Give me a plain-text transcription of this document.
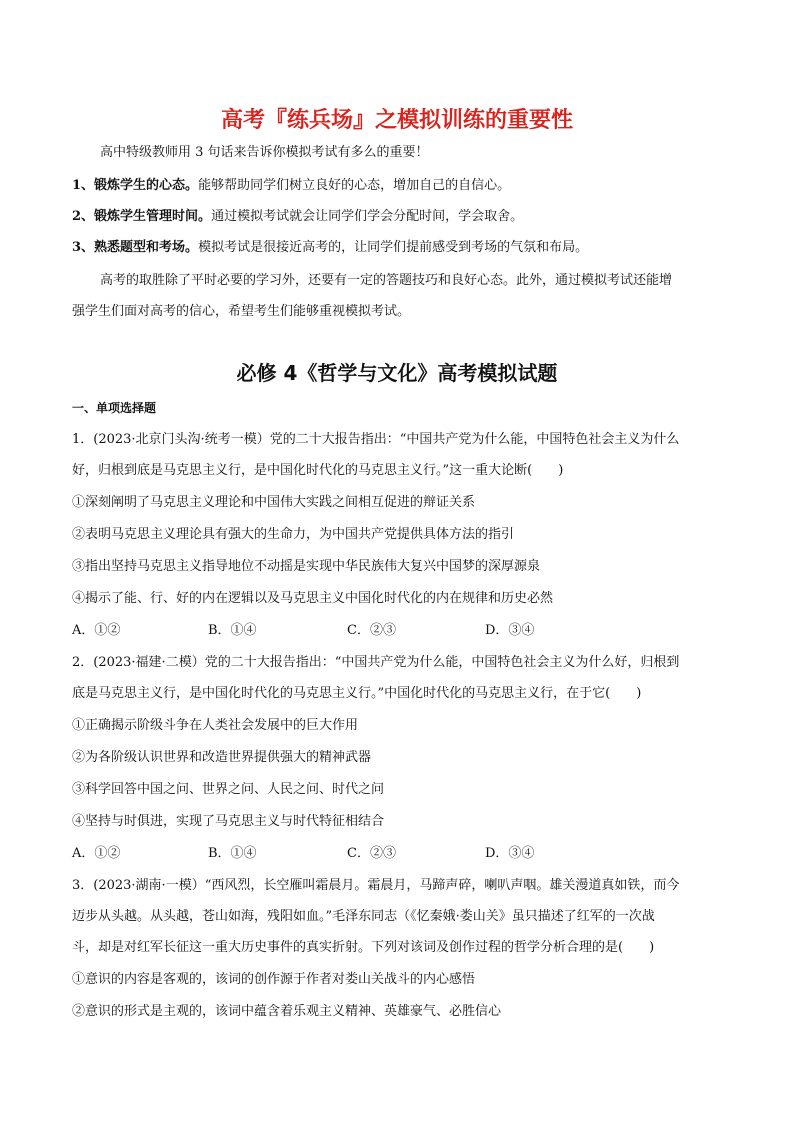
高考『练兵场』之模拟训练的重要性
高中特级教师用 3 句话来告诉你模拟考试有多么的重要！
1、锻炼学生的心态。能够帮助同学们树立良好的心态，增加自己的自信心。
2、锻炼学生管理时间。通过模拟考试就会让同学们学会分配时间，学会取舍。
3、熟悉题型和考场。模拟考试是很接近高考的，让同学们提前感受到考场的气氛和布局。
高考的取胜除了平时必要的学习外，还要有一定的答题技巧和良好心态。此外，通过模拟考试还能增
强学生们面对高考的信心，希望考生们能够重视模拟考试。
必修 4《哲学与文化》高考模拟试题
一、单项选择题
1．(2023·北京门头沟·统考一模）党的二十大报告指出：“中国共产党为什么能，中国特色社会主义为什么
好，归根到底是马克思主义行，是中国化时代化的马克思主义行。”这一重大论断(　　)
①深刻阐明了马克思主义理论和中国伟大实践之间相互促进的辩证关系
②表明马克思主义理论具有强大的生命力，为中国共产党提供具体方法的指引
③指出坚持马克思主义指导地位不动摇是实现中华民族伟大复兴中国梦的深厚源泉
④揭示了能、行、好的内在逻辑以及马克思主义中国化时代化的内在规律和历史必然
A．①②	B．①④	C．②③	D．③④
2．(2023·福建·二模）党的二十大报告指出：“中国共产党为什么能，中国特色社会主义为什么好，归根到
底是马克思主义行，是中国化时代化的马克思主义行。”中国化时代化的马克思主义行，在于它(　　)
①正确揭示阶级斗争在人类社会发展中的巨大作用
②为各阶级认识世界和改造世界提供强大的精神武器
③科学回答中国之问、世界之问、人民之问、时代之问
④坚持与时俱进，实现了马克思主义与时代特征相结合
A．①②	B．①④	C．②③	D．③④
3．(2023·湖南·一模）“西风烈，长空雁叫霜晨月。霜晨月，马蹄声碎，喇叭声咽。雄关漫道真如铁，而今
迈步从头越。从头越，苍山如海，残阳如血。”毛泽东同志（《忆秦娥·娄山关》虽只描述了红军的一次战
斗，却是对红军长征这一重大历史事件的真实折射。下列对该词及创作过程的哲学分析合理的是(　　)
①意识的内容是客观的，该词的创作源于作者对娄山关战斗的内心感悟
②意识的形式是主观的，该词中蕴含着乐观主义精神、英雄豪气、必胜信心
